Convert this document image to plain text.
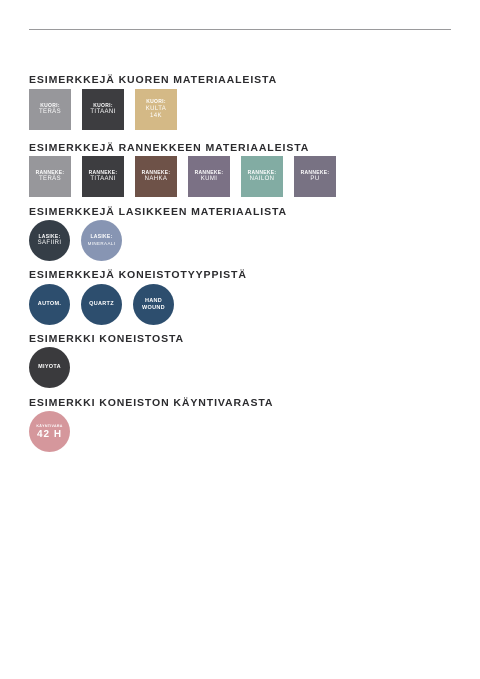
ESIMERKKEJÄ KUOREN MATERIAALEISTA
KUORI:
TERÄS
KUORI:
TITAANI
KUORI:
KULTA 14K
ESIMERKKEJÄ RANNEKKEEN MATERIAALEISTA
RANNEKE:
TERÄS
RANNEKE:
TITAANI
RANNEKE:
NAHKA
RANNEKE:
KUMI
RANNEKE:
NAILON
RANNEKE:
PU
ESIMERKKEJÄ LASIKKEEN MATERIAALISTA
LASIKE:
SAFIIRI
LASIKE:
MINERAALI
ESIMERKKEJÄ KONEISTOTYYPPISTÄ
AUTOM.	QUARTZ
HAND WOUND
ESIMERKKI KONEISTOSTA
MIYOTA
ESIMERKKI KONEISTON KÄYNTIVARASTA
KÄYNTIVARA
42 H
